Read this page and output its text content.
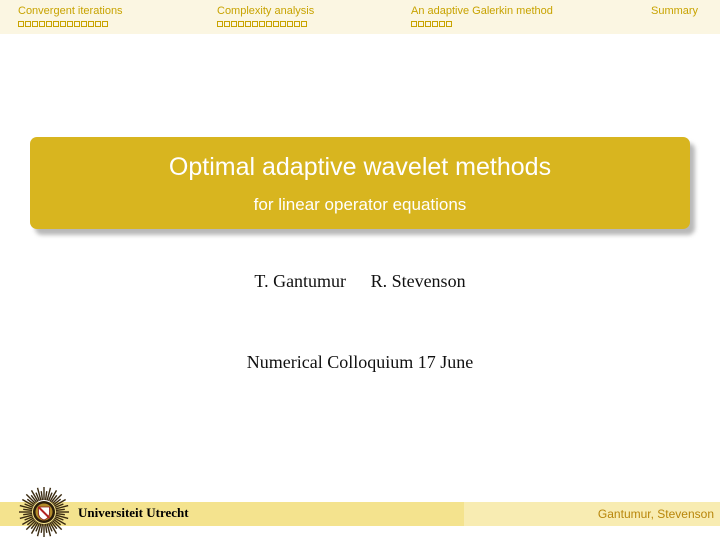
Convergent iterations	Complexity analysis	An adaptive Galerkin method	Summary
Optimal adaptive wavelet methods
for linear operator equations
T. Gantumur R. Stevenson
Numerical Colloquium 17 June
Universiteit Utrecht	Gantumur, Stevenson
